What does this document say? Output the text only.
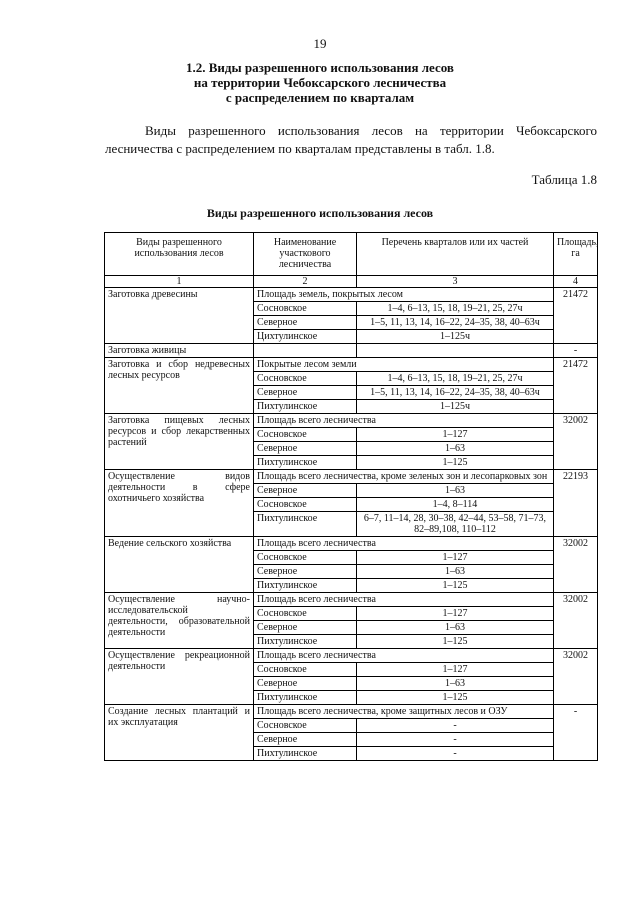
19
1.2. Виды разрешенного использования лесов
на территории Чебоксарского лесничества
с распределением по кварталам

Виды разрешенного использования лесов на территории Чебоксарского лесничества с распределением по кварталам представлены в табл. 1.8.

Таблица 1.8
Виды разрешенного использования лесов
Виды разрешенного использования лесов	Наименование участкового лесничества	Перечень кварталов или их частей	Площадь, га
1	2	3	4
Заготовка древесины	Площадь земель, покрытых лесом		21472
	Сосновское	1–4, 6–13, 15, 18, 19–21, 25, 27ч	
	Северное	1–5, 11, 13, 14, 16–22, 24–35, 38, 40–63ч	
	Цихтулинское	1–125ч	
Заготовка живицы			-
Заготовка и сбор недревесных лесных ресурсов	Покрытые лесом земли		21472
	Сосновское	1–4, 6–13, 15, 18, 19–21, 25, 27ч	
	Северное	1–5, 11, 13, 14, 16–22, 24–35, 38, 40–63ч	
	Пихтулинское	1–125ч	
Заготовка пищевых лесных ресурсов и сбор лекарственных растений	Площадь всего лесничества		32002
	Сосновское	1–127	
	Северное	1–63	
	Пихтулинское	1–125	
Осуществление видов деятельности в сфере охотничьего хозяйства	Площадь всего лесничества, кроме зеленых зон и лесопарковых зон		22193
	Северное	1–63	
	Сосновское	1–4, 8–114	
	Пихтулинское	6–7, 11–14, 28, 30–38, 42–44, 53–58, 71–73, 82–89,108, 110–112	
Ведение сельского хозяйства	Площадь всего лесничества		32002
	Сосновское	1–127	
	Северное	1–63	
	Пихтулинское	1–125	
Осуществление научно-исследовательской деятельности, образовательной деятельности	Площадь всего лесничества		32002
	Сосновское	1–127	
	Северное	1–63	
	Пихтулинское	1–125	
Осуществление рекреационной деятельности	Площадь всего лесничества		32002
	Сосновское	1–127	
	Северное	1–63	
	Пихтулинское	1–125	
Создание лесных плантаций и их эксплуатация	Площадь всего лесничества, кроме защитных лесов и ОЗУ		-
	Сосновское	-	
	Северное	-	
	Пихтулинское	-	
